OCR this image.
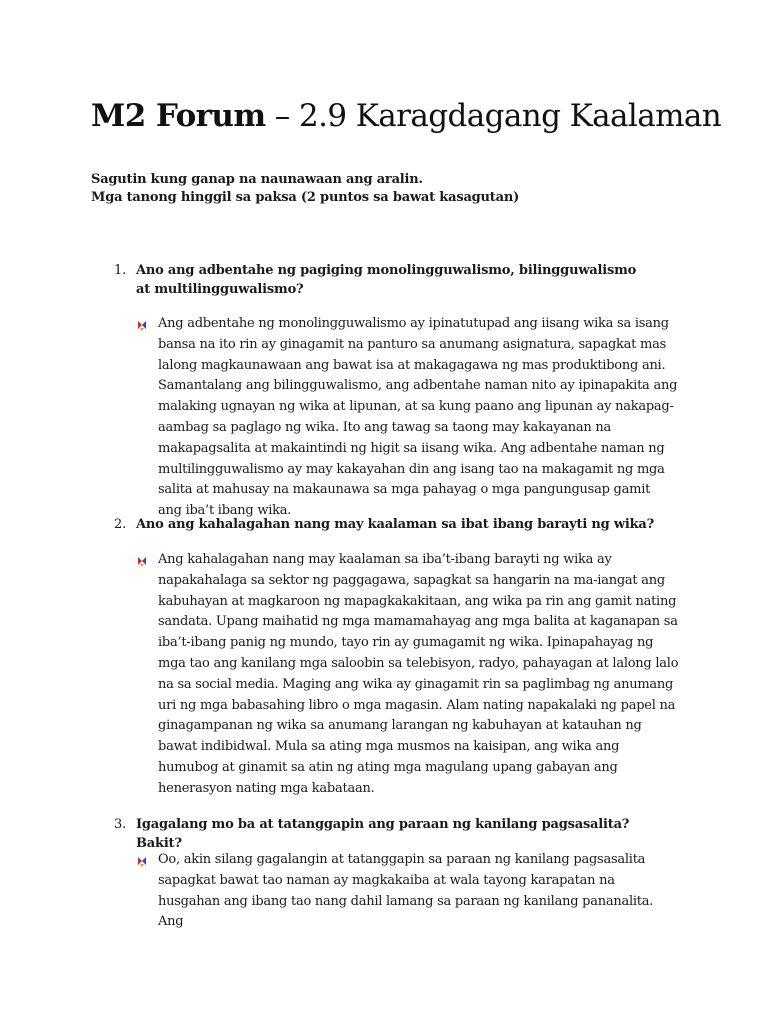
M2 Forum – 2.9 Karagdagang Kaalaman
Sagutin kung ganap na naunawaan ang aralin.
Mga tanong hinggil sa paksa (2 puntos sa bawat kasagutan)
1. Ano ang adbentahe ng pagiging monolingguwalismo, bilingguwalismo
at multilingguwalismo?
Ang adbentahe ng monolingguwalismo ay ipinatutupad ang iisang wika sa isang
bansa na ito rin ay ginagamit na panturo sa anumang asignatura, sapagkat mas
lalong magkaunawaan ang bawat isa at makagagawa ng mas produktibong ani.
Samantalang ang bilingguwalismo, ang adbentahe naman nito ay ipinapakita ang
malaking ugnayan ng wika at lipunan, at sa kung paano ang lipunan ay nakapag-
aambag sa paglago ng wika. Ito ang tawag sa taong may kakayanan na
makapagsalita at makaintindi ng higit sa iisang wika. Ang adbentahe naman ng
multilingguwalismo ay may kakayahan din ang isang tao na makagamit ng mga
salita at mahusay na makaunawa sa mga pahayag o mga pangungusap gamit
ang iba’t ibang wika.
2. Ano ang kahalagahan nang may kaalaman sa ibat ibang barayti ng wika?
Ang kahalagahan nang may kaalaman sa iba’t-ibang barayti ng wika ay
napakahalaga sa sektor ng paggagawa, sapagkat sa hangarin na ma-iangat ang
kabuhayan at magkaroon ng mapagkakakitaan, ang wika pa rin ang gamit nating
sandata. Upang maihatid ng mga mamamahayag ang mga balita at kaganapan sa
iba’t-ibang panig ng mundo, tayo rin ay gumagamit ng wika. Ipinapahayag ng
mga tao ang kanilang mga saloobin sa telebisyon, radyo, pahayagan at lalong lalo
na sa social media. Maging ang wika ay ginagamit rin sa paglimbag ng anumang
uri ng mga babasahing libro o mga magasin. Alam nating napakalaki ng papel na
ginagampanan ng wika sa anumang larangan ng kabuhayan at katauhan ng
bawat indibidwal. Mula sa ating mga musmos na kaisipan, ang wika ang
humubog at ginamit sa atin ng ating mga magulang upang gabayan ang
henerasyon nating mga kabataan.
3. Igagalang mo ba at tatanggapin ang paraan ng kanilang pagsasalita? Bakit?
Oo, akin silang gagalangin at tatanggapin sa paraan ng kanilang pagsasalita
sapagkat bawat tao naman ay magkakaiba at wala tayong karapatan na
husgahan ang ibang tao nang dahil lamang sa paraan ng kanilang pananalita. Ang
